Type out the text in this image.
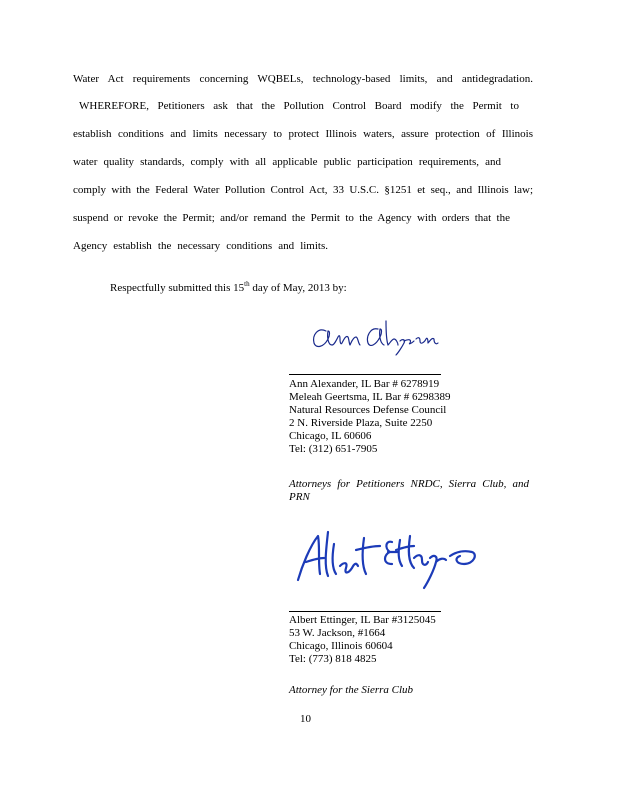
Water Act requirements concerning WQBELs, technology-based limits, and antidegradation.
WHEREFORE, Petitioners ask that the Pollution Control Board modify the Permit to
establish conditions and limits necessary to protect Illinois waters, assure protection of Illinois
water quality standards, comply with all applicable public participation requirements, and
comply with the Federal Water Pollution Control Act, 33 U.S.C. §1251 et seq., and Illinois law;
suspend or revoke the Permit; and/or remand the Permit to the Agency with orders that the
Agency establish the necessary conditions and limits.
Respectfully submitted this 15th day of May, 2013 by:
Ann Alexander, IL Bar # 6278919
Meleah Geertsma, IL Bar # 6298389
Natural Resources Defense Council
2 N. Riverside Plaza, Suite 2250
Chicago, IL 60606
Tel: (312) 651-7905
Attorneys for Petitioners NRDC, Sierra Club, and PRN
Albert Ettinger, IL Bar #3125045
53 W. Jackson, #1664
Chicago, Illinois 60604
Tel: (773) 818 4825
Attorney for the Sierra Club
10
